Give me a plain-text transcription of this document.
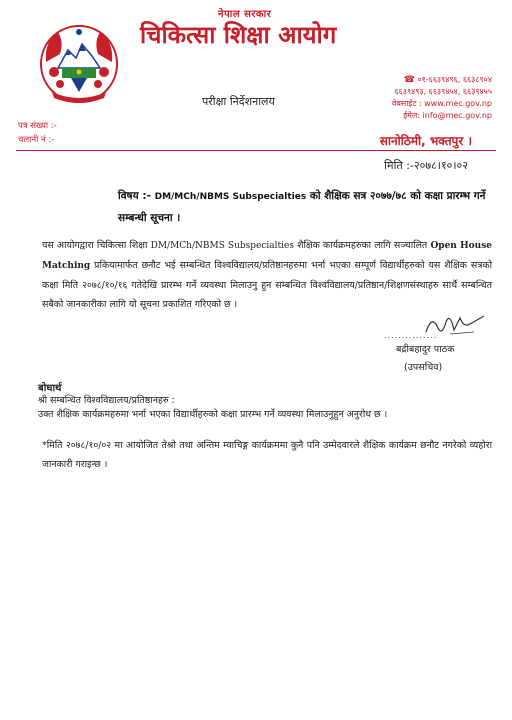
नेपाल सरकार
चिकित्सा शिक्षा आयोग
परीक्षा निर्देशनालय
☎ ०१-६६३९४९६, ६६३८९०४
६६३९४९३, ६६३९४५४, ६६३९४५५
वेबसाईट : www.mec.gov.np
ईमेल: info@mec.gov.np
पत्र संख्या :-
चलानी नं :-	सानोठिमी, भक्तपुर ।
मिति :-२०७८।१०।०२
विषय :- DM/MCh/NBMS Subspecialties को शैक्षिक सत्र २०७७/७८ को कक्षा प्रारम्भ गर्ने सम्बन्धी सूचना ।
यस आयोगद्वारा चिकित्सा शिक्षा DM/MCh/NBMS Subspecialties शैक्षिक कार्यक्रमहरुका लागि सञ्चालित Open House Matching प्रकियामार्फत छनौट भई सम्बन्धित विश्वविद्यालय/प्रतिष्ठानहरुमा भर्ना भएका सम्पूर्ण विद्यार्थीहरुको यस शैक्षिक सत्रको कक्षा मिति २०७८/१०/१६ गतेदेखि प्रारम्भ गर्ने व्यवस्था मिलाउनु हुन सम्बन्धित विश्वविद्यालय/प्रतिष्ठान/शिक्षणसंस्थाहरु सार्थै सम्बन्धित सबैको जानकारीका लागि यो सूचना प्रकाशित गरिएको छ ।
...............
बद्रीबहादुर पाठक
(उपसचिव)
बोधार्थ
श्री सम्बन्धित विश्वविद्यालय/प्रतिष्ठानहरु :
उक्त शैक्षिक कार्यक्रमहरुमा भर्ना भएका विद्यार्थीहरुको कक्षा प्रारम्भ गर्ने व्यवस्था मिलाउनुहुन अनुरोध छ ।
*मिति २०७८/१०/०२ मा आयोजित तेश्रो तथा अन्तिम म्याचिङ्ग कार्यक्रममा कुनै पनि उम्मेदवारले शैक्षिक कार्यक्रम छनौट नगरेको व्यहोरा जानकारी गराइन्छ ।
